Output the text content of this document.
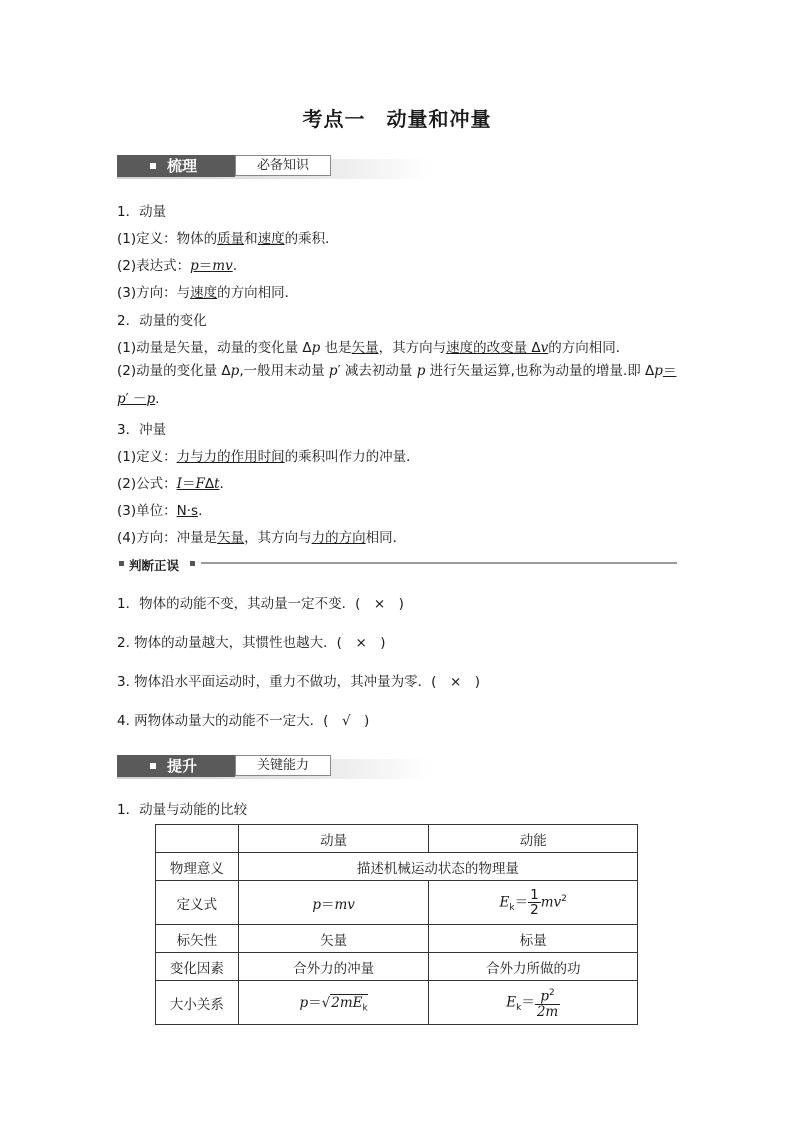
考点一　动量和冲量
梳理	必备知识
1．动量
(1)定义：物体的质量和速度的乘积．
(2)表达式：p＝mv.
(3)方向：与速度的方向相同．
2．动量的变化
(1)动量是矢量，动量的变化量 Δp 也是矢量，其方向与速度的改变量 Δv的方向相同．
(2)动量的变化量 Δp,一般用末动量 p′ 减去初动量 p 进行矢量运算,也称为动量的增量.即 Δp＝p′ －p.
3．冲量
(1)定义：力与力的作用时间的乘积叫作力的冲量．
(2)公式：I＝FΔt.
(3)单位：N·s.
(4)方向：冲量是矢量，其方向与力的方向相同．
判断正误
1．物体的动能不变，其动量一定不变．(　×　)
2. 物体的动量越大，其惯性也越大．(　×　)
3. 物体沿水平面运动时，重力不做功，其冲量为零．(　×　)
4. 两物体动量大的动能不一定大．(　√　)
提升	关键能力
1．动量与动能的比较
	动量	动能
物理意义	描述机械运动状态的物理量	
定义式	p＝mv	$E_k= \frac{1}{2} mv^2$
标矢性	矢量	标量
变化因素	合外力的冲量	合外力所做的功
大小关系	$p=√2mE_k$	$E_k= \frac{p^2}{2m}$
